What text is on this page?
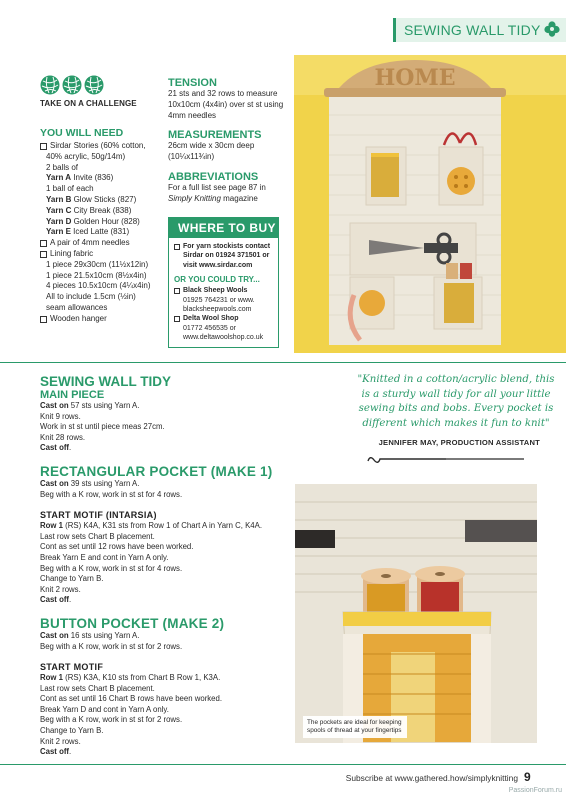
SEWING WALL TIDY
TAKE ON A CHALLENGE
YOU WILL NEED
Sirdar Stories (60% cotton,
40% acrylic, 50g/14m)
2 balls of
Yarn A Invite (836)
1 ball of each
Yarn B Glow Sticks (827)
Yarn C City Break (838)
Yarn D Golden Hour (828)
Yarn E Iced Latte (831)
A pair of 4mm needles
Lining fabric
1 piece 29x30cm (11½x12in)
1 piece 21.5x10cm (8½x4in)
4 pieces 10.5x10cm (4¼x4in)
All to include 1.5cm (½in)
seam allowances
Wooden hanger
TENSION
21 sts and 32 rows to measure
10x10cm (4x4in) over st st using
4mm needles
MEASUREMENTS
26cm wide x 30cm deep
(10¼x11¾in)
ABBREVIATIONS
For a full list see page 87 in
Simply Knitting magazine
WHERE TO BUY
For yarn stockists contact
Sirdar on 01924 371501 or
visit www.sirdar.com
OR YOU COULD TRY...
Black Sheep Wools
01925 764231 or www.
blacksheepwools.com
Delta Wool Shop
01772 456535 or
www.deltawoolshop.co.uk
HOME
SEWING WALL TIDY
MAIN PIECE
Cast on 57 sts using Yarn A.
Knit 9 rows.
Work in st st until piece meas 27cm.
Knit 28 rows.
Cast off.
RECTANGULAR POCKET (MAKE 1)
Cast on 39 sts using Yarn A.
Beg with a K row, work in st st for 4 rows.
START MOTIF (INTARSIA)
Row 1 (RS) K4A, K31 sts from Row 1 of Chart A in Yarn C, K4A.
Last row sets Chart B placement.
Cont as set until 12 rows have been worked.
Break Yarn E and cont in Yarn A only.
Beg with a K row, work in st st for 4 rows.
Change to Yarn B.
Knit 2 rows.
Cast off.
BUTTON POCKET (MAKE 2)
Cast on 16 sts using Yarn A.
Beg with a K row, work in st st for 2 rows.
START MOTIF
Row 1 (RS) K3A, K10 sts from Chart B Row 1, K3A.
Last row sets Chart B placement.
Cont as set until 16 Chart B rows have been worked.
Break Yarn D and cont in Yarn A only.
Beg with a K row, work in st st for 2 rows.
Change to Yarn B.
Knit 2 rows.
Cast off.
"Knitted in a cotton/acrylic blend, this is a sturdy wall tidy for all your little sewing bits and bobs. Every pocket is different which makes it fun to knit"
JENNIFER MAY, PRODUCTION ASSISTANT
The pockets are ideal for keeping spools of thread at your fingertips
Subscribe at www.gathered.how/simplyknitting 9
PassionForum.ru
